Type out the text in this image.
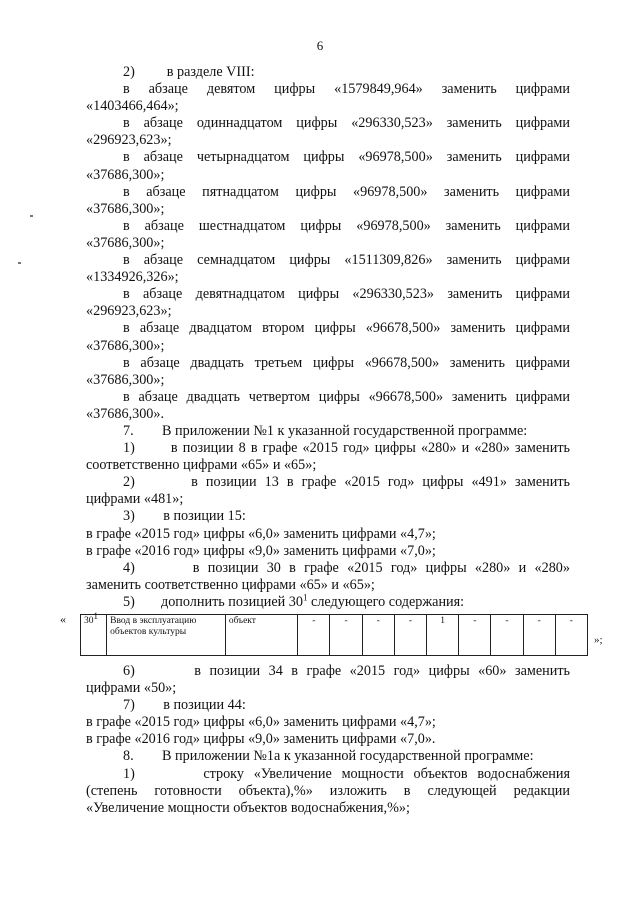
6
2)         в разделе VIII:
в абзаце девятом цифры «1579849,964» заменить цифрами
«1403466,464»;
в абзаце одиннадцатом цифры «296330,523» заменить цифрами
«296923,623»;
в абзаце четырнадцатом цифры «96978,500» заменить цифрами
«37686,300»;
в абзаце пятнадцатом цифры «96978,500» заменить цифрами
«37686,300»;
в абзаце шестнадцатом цифры «96978,500» заменить цифрами
«37686,300»;
в абзаце семнадцатом цифры «1511309,826» заменить цифрами
«1334926,326»;
в абзаце девятнадцатом цифры «296330,523» заменить цифрами
«296923,623»;
в абзаце двадцатом втором цифры «96678,500» заменить цифрами
«37686,300»;
в абзаце двадцать третьем цифры «96678,500» заменить цифрами
«37686,300»;
в абзаце двадцать четвертом цифры «96678,500» заменить цифрами
«37686,300».
7.        В приложении №1 к указанной государственной программе:
1)       в позиции 8 в графе «2015 год» цифры «280» и «280» заменить
соответственно цифрами «65» и «65»;
2)       в позиции 13 в графе «2015 год» цифры «491» заменить
цифрами «481»;
3)        в позиции 15:
в графе «2015 год» цифры «6,0» заменить цифрами «4,7»;
в графе «2016 год» цифры «9,0» заменить цифрами «7,0»;
4)       в позиции 30 в графе «2015 год» цифры «280» и «280»
заменить соответственно цифрами «65» и «65»;
5) дополнить позицией $30^1$ следующего содержания:
« $30^1$	Ввод в эксплуатацию объектов культуры	объект	-	-	-	-	1	-	-	-	-
»;
6)       в позиции 34 в графе «2015 год» цифры «60» заменить
цифрами «50»;
7)        в позиции 44:
в графе «2015 год» цифры «6,0» заменить цифрами «4,7»;
в графе «2016 год» цифры «9,0» заменить цифрами «7,0».
8.        В приложении №1а к указанной государственной программе:
1)       строку «Увеличение мощности объектов водоснабжения
(степень готовности объекта),%» изложить в следующей редакции
«Увеличение мощности объектов водоснабжения,%»;
